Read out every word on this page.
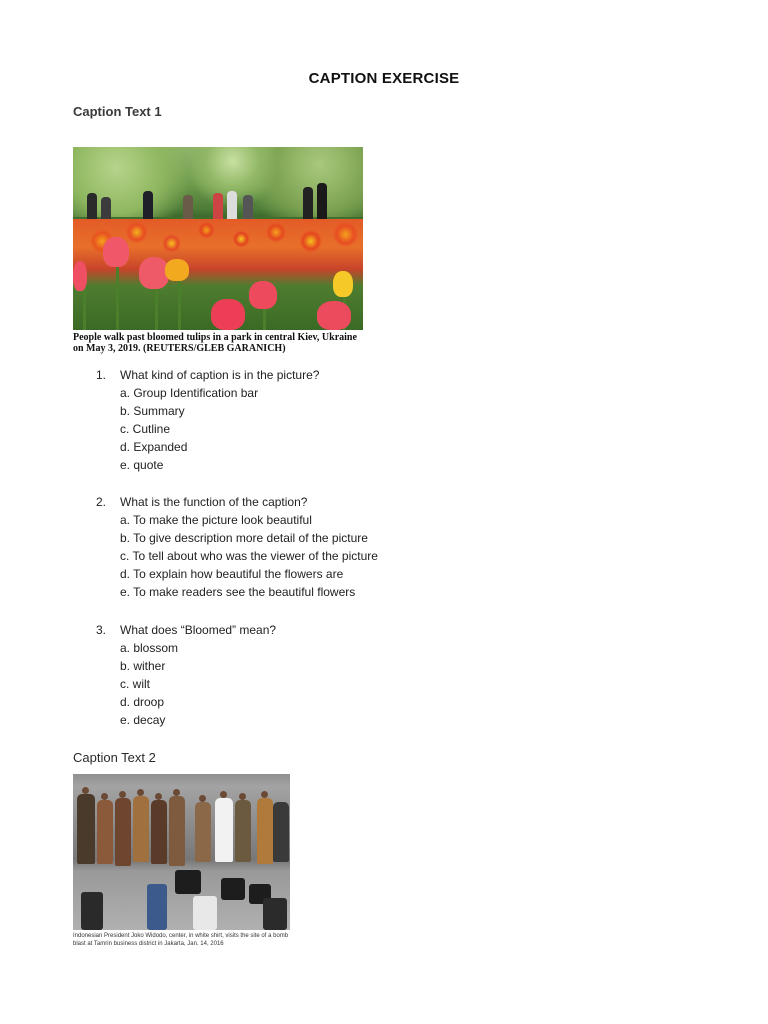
CAPTION EXERCISE
Caption Text 1
People walk past bloomed tulips in a park in central Kiev, Ukraine on May 3, 2019. (REUTERS/GLEB GARANICH)
1.	What kind of caption is in the picture?
a. Group Identification bar
b. Summary
c. Cutline
d. Expanded
e. quote
2.	What is the function of the caption?
a. To make the picture look beautiful
b. To give description more detail of the picture
c. To tell about who was the viewer of the picture
d. To explain how beautiful the flowers are
e. To make readers see the beautiful flowers
3.	What does “Bloomed” mean?
a. blossom
b. wither
c. wilt
d. droop
e. decay
Caption Text 2
Indonesian President Joko Widodo, center, in white shirt, visits the site of a bomb blast at Tamrin business district in Jakarta, Jan. 14, 2016
